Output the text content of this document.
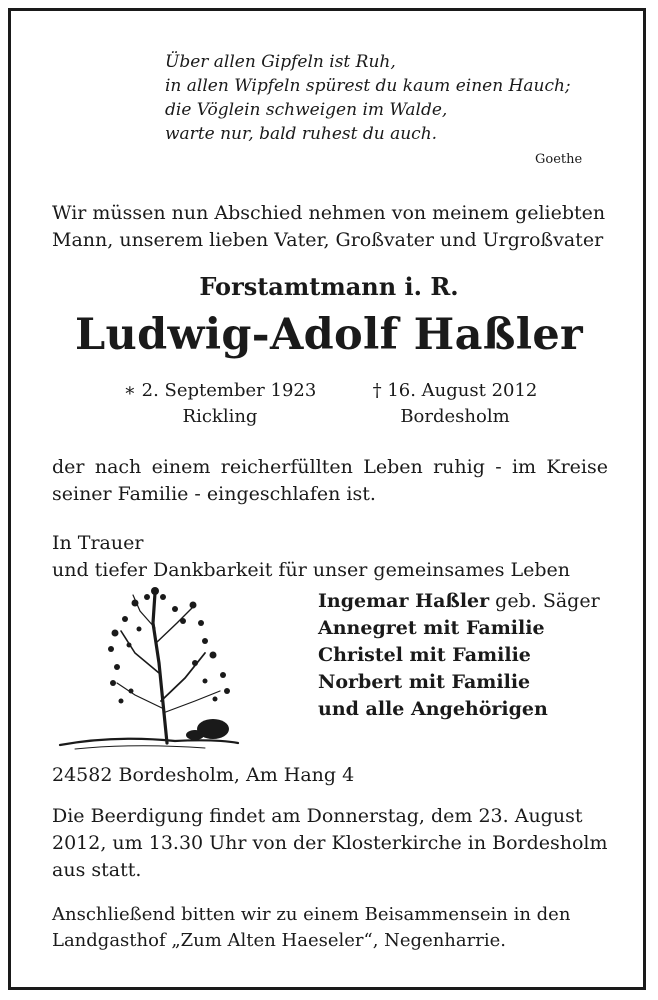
Über allen Gipfeln ist Ruh,
in allen Wipfeln spürest du kaum einen Hauch;
die Vöglein schweigen im Walde,
warte nur, bald ruhest du auch.
Goethe
Wir müssen nun Abschied nehmen von meinem geliebten
Mann, unserem lieben Vater, Großvater und Urgroßvater
Forstamtmann i. R.
Ludwig-Adolf Haßler
∗ 2. September 1923
Rickling
† 16. August 2012
Bordesholm
der nach einem reicherfüllten Leben ruhig - im Kreise seiner Familie - eingeschlafen ist.
In Trauer
und tiefer Dankbarkeit für unser gemeinsames Leben
Ingemar Haßler geb. Säger
Annegret mit Familie
Christel mit Familie
Norbert mit Familie
und alle Angehörigen
24582 Bordesholm, Am Hang 4
Die Beerdigung findet am Donnerstag, dem 23. August 2012, um 13.30 Uhr von der Klosterkirche in Bordesholm aus statt.
Anschließend bitten wir zu einem Beisammensein in den Landgasthof „Zum Alten Haeseler“, Negenharrie.
